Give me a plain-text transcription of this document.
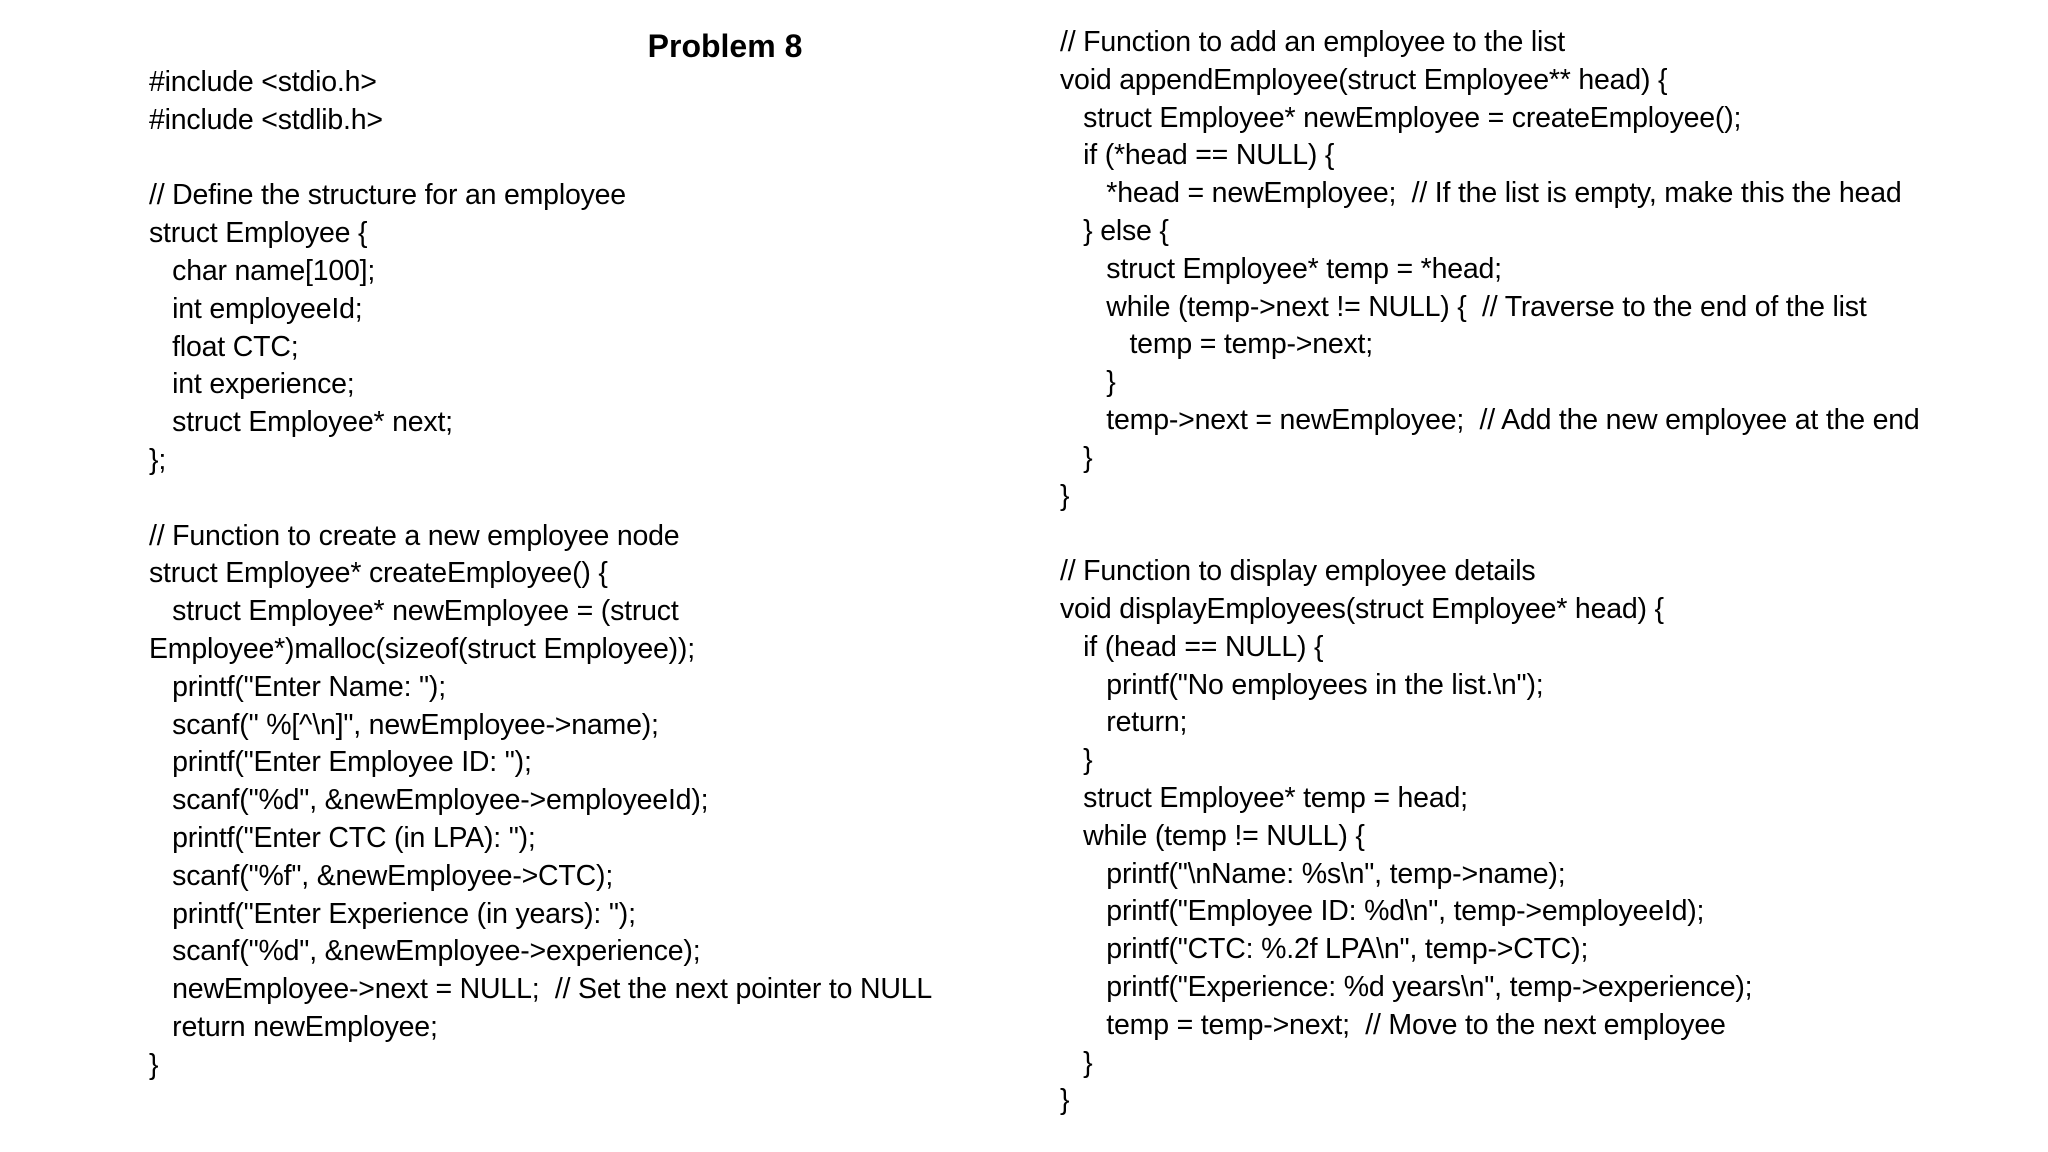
Problem 8
#include <stdio.h>
#include <stdlib.h>
// Define the structure for an employee
struct Employee {
char name[100];
int employeeId;
float CTC;
int experience;
struct Employee* next;
};
// Function to create a new employee node
struct Employee* createEmployee() {
struct Employee* newEmployee = (struct
Employee*)malloc(sizeof(struct Employee));
printf("Enter Name: ");
scanf(" %[^\n]", newEmployee->name);
printf("Enter Employee ID: ");
scanf("%d", &newEmployee->employeeId);
printf("Enter CTC (in LPA): ");
scanf("%f", &newEmployee->CTC);
printf("Enter Experience (in years): ");
scanf("%d", &newEmployee->experience);
newEmployee->next = NULL;  // Set the next pointer to NULL
return newEmployee;
}
// Function to add an employee to the list
void appendEmployee(struct Employee** head) {
struct Employee* newEmployee = createEmployee();
if (*head == NULL) {
*head = newEmployee;  // If the list is empty, make this the head
} else {
struct Employee* temp = *head;
while (temp->next != NULL) {  // Traverse to the end of the list
temp = temp->next;
}
temp->next = newEmployee;  // Add the new employee at the end
}
}
// Function to display employee details
void displayEmployees(struct Employee* head) {
if (head == NULL) {
printf("No employees in the list.\n");
return;
}
struct Employee* temp = head;
while (temp != NULL) {
printf("\nName: %s\n", temp->name);
printf("Employee ID: %d\n", temp->employeeId);
printf("CTC: %.2f LPA\n", temp->CTC);
printf("Experience: %d years\n", temp->experience);
temp = temp->next;  // Move to the next employee
}
}
